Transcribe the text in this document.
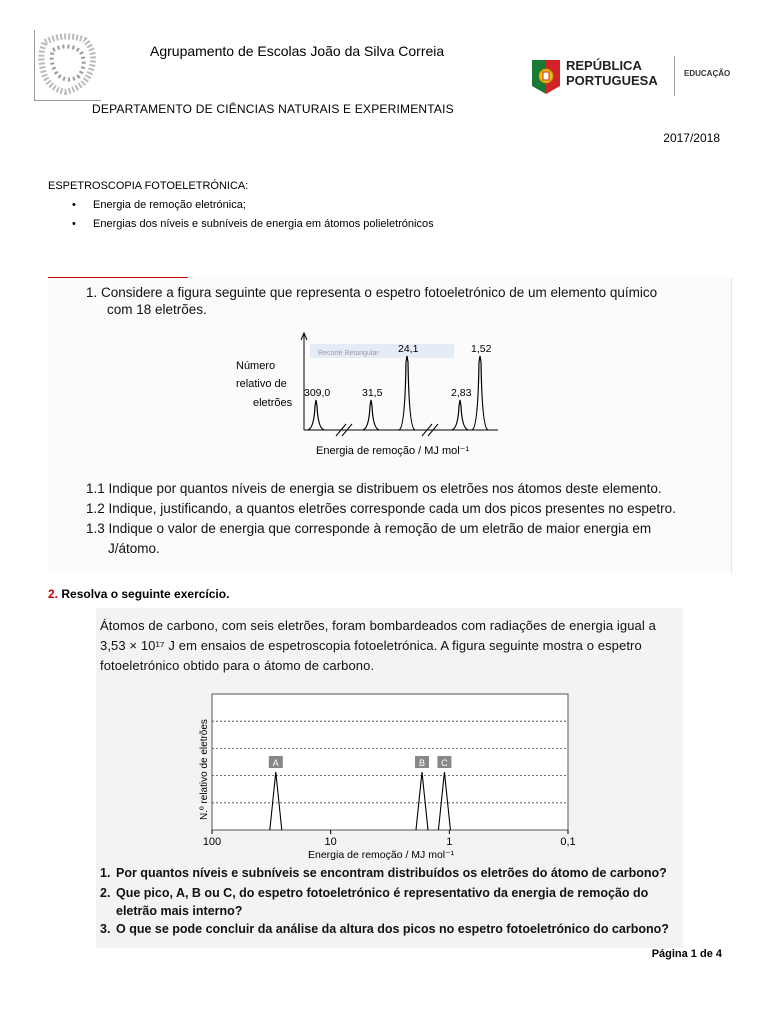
Agrupamento de Escolas João da Silva Correia
REPÚBLICA
PORTUGUESA	EDUCAÇÃO
DEPARTAMENTO DE CIÊNCIAS NATURAIS E EXPERIMENTAIS
2017/2018
ESPETROSCOPIA FOTOELETRÓNICA:
• Energia de remoção eletrónica;
• Energias dos níveis e subníveis de energia em átomos polieletrónicos
1. Considere a figura seguinte que representa o espetro fotoeletrónico de um elemento químico
com 18 eletrões.
Recorte Retangular
309,0	31,5
24,1
2,83
1,52
Número
relativo de
eletrões
Energia de remoção / MJ mol⁻¹
1.1 Indique por quantos níveis de energia se distribuem os eletrões nos átomos deste elemento.
1.2 Indique, justificando, a quantos eletrões corresponde cada um dos picos presentes no espetro.
1.3 Indique o valor de energia que corresponde à remoção de um eletrão de maior energia em
J/átomo.
2. Resolva o seguinte exercício.
Átomos de carbono, com seis eletrões, foram bombardeados com radiações de energia igual a
3,53 × 10¹⁷ J em ensaios de espetroscopia fotoeletrónica. A figura seguinte mostra o espetro
fotoeletrónico obtido para o átomo de carbono.
A	B C
100	10	1	0,1
N.º relativo de eletrões
Energia de remoção / MJ mol⁻¹
1. Por quantos níveis e subníveis se encontram distribuídos os eletrões do átomo de carbono?
2. Que pico, A, B ou C, do espetro fotoeletrónico é representativo da energia de remoção do
eletrão mais interno?
3. O que se pode concluir da análise da altura dos picos no espetro fotoeletrónico do carbono?
Página 1 de 4
